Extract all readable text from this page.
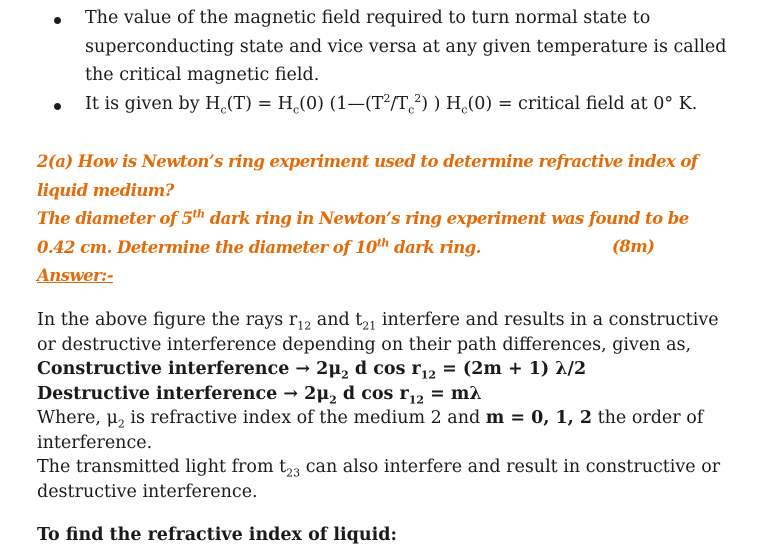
The value of the magnetic field required to turn normal state to
superconducting state and vice versa at any given temperature is called
the critical magnetic field.
It is given by $H_c(T) = H_c(0)$ ($1—(T^2/T_c^2)$ ) $H_c(0)$ = critical field at 0° K.
2(a) How is Newton’s ring experiment used to determine refractive index of
liquid medium?
The diameter of 5th dark ring in Newton’s ring experiment was found to be
0.42 cm. Determine the diameter of 10th dark ring.	(8m)
Answer:-
In the above figure the rays $r_{12}$ and $t_{21}$ interfere and results in a constructive
or destructive interference depending on their path differences, given as,
Constructive interference → $2\mu_2$ d $\cos r_{12} = (2m + 1)$ λ/2
Destructive interference → $2\mu_2$ d $\cos r_{12} = m\lambda$
Where, $\mu_2$ is refractive index of the medium 2 and m = 0, 1, 2 the order of
interference.
The transmitted light from $t_{23}$ can also interfere and result in constructive or
destructive interference.
To find the refractive index of liquid:
